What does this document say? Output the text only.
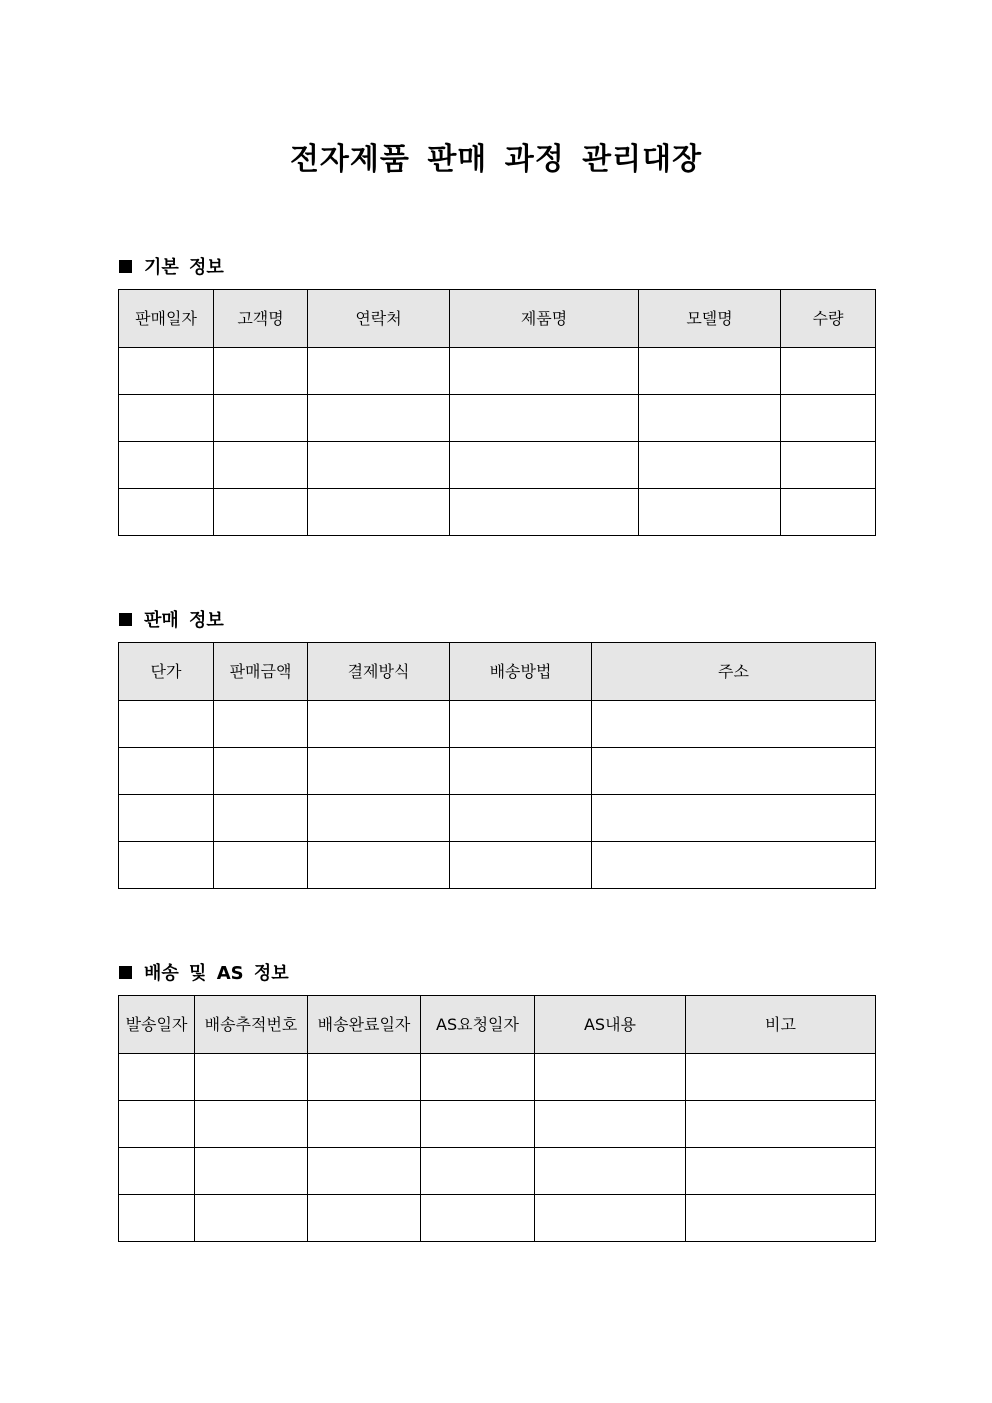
전자제품 판매 과정 관리대장
기본 정보
판매일자	고객명	연락처	제품명	모델명	수량

판매 정보
단가	판매금액	결제방식	배송방법	주소

배송 및 AS 정보
발송일자	배송추적번호	배송완료일자	AS요청일자	AS내용	비고
